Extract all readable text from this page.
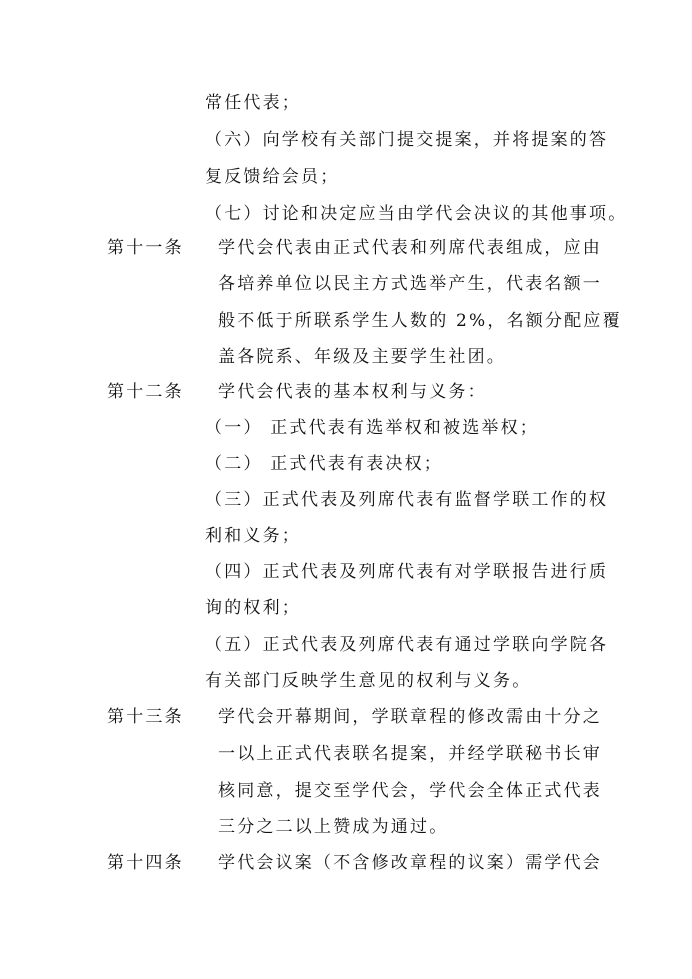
常任代表；
（六）向学校有关部门提交提案，并将提案的答
复反馈给会员；
（七）讨论和决定应当由学代会决议的其他事项。
第十一条 学代会代表由正式代表和列席代表组成，应由
各培养单位以民主方式选举产生，代表名额一
般不低于所联系学生人数的 2%，名额分配应覆
盖各院系、年级及主要学生社团。
第十二条 学代会代表的基本权利与义务：
（一） 正式代表有选举权和被选举权；
（二） 正式代表有表决权；
（三）正式代表及列席代表有监督学联工作的权
利和义务；
（四）正式代表及列席代表有对学联报告进行质
询的权利；
（五）正式代表及列席代表有通过学联向学院各
有关部门反映学生意见的权利与义务。
第十三条 学代会开幕期间，学联章程的修改需由十分之
一以上正式代表联名提案，并经学联秘书长审
核同意，提交至学代会，学代会全体正式代表
三分之二以上赞成为通过。
第十四条 学代会议案（不含修改章程的议案）需学代会
